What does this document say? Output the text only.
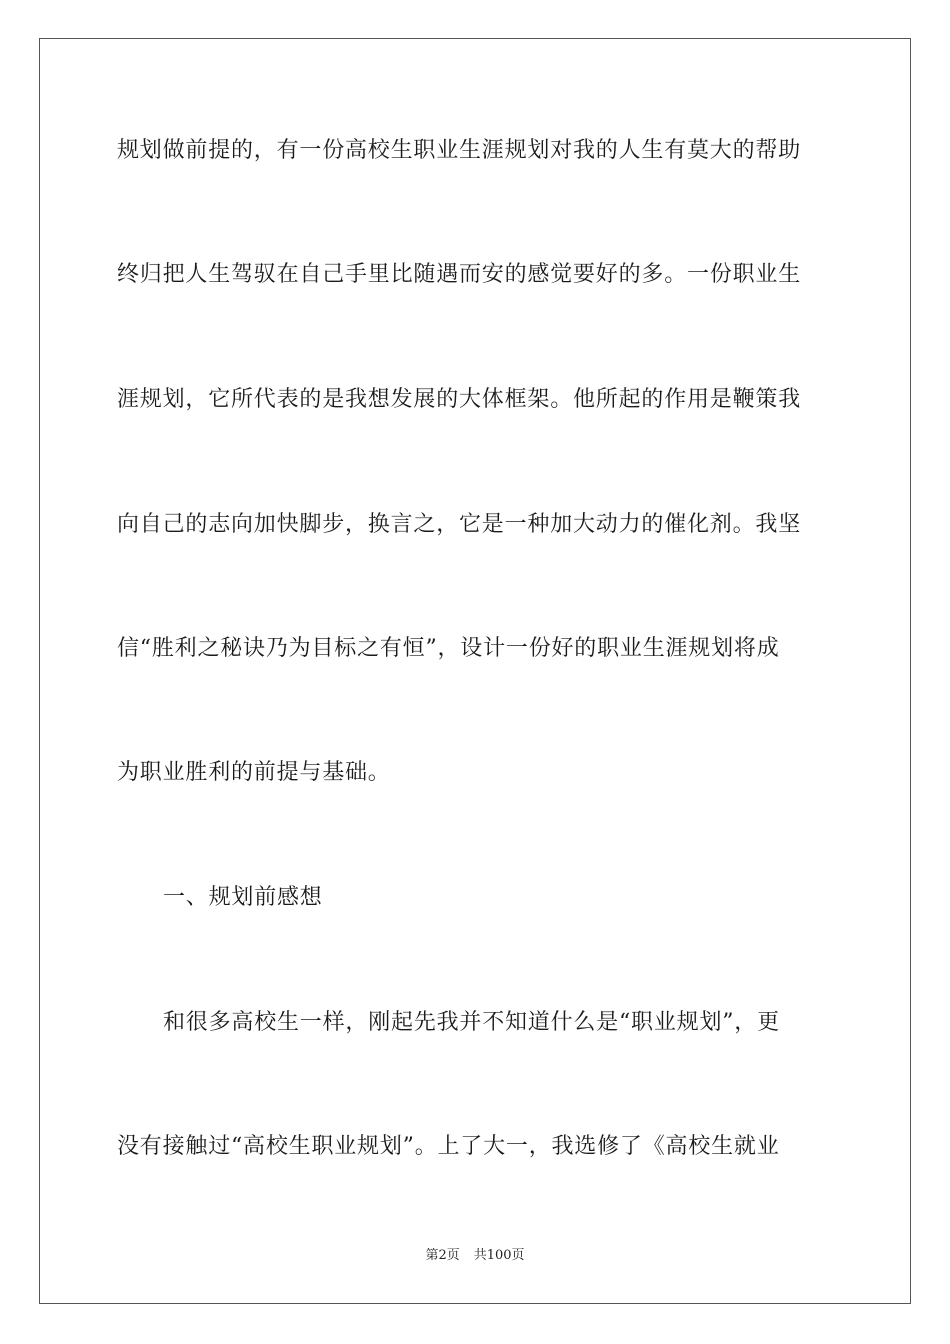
规划做前提的，有一份高校生职业生涯规划对我的人生有莫大的帮助
终归把人生驾驭在自己手里比随遇而安的感觉要好的多。一份职业生
涯规划，它所代表的是我想发展的大体框架。他所起的作用是鞭策我
向自己的志向加快脚步，换言之，它是一种加大动力的催化剂。我坚
信“胜利之秘诀乃为目标之有恒”，设计一份好的职业生涯规划将成
为职业胜利的前提与基础。
一、规划前感想
和很多高校生一样，刚起先我并不知道什么是“职业规划”，更
没有接触过“高校生职业规划”。上了大一，我选修了《高校生就业
第2页 共100页
